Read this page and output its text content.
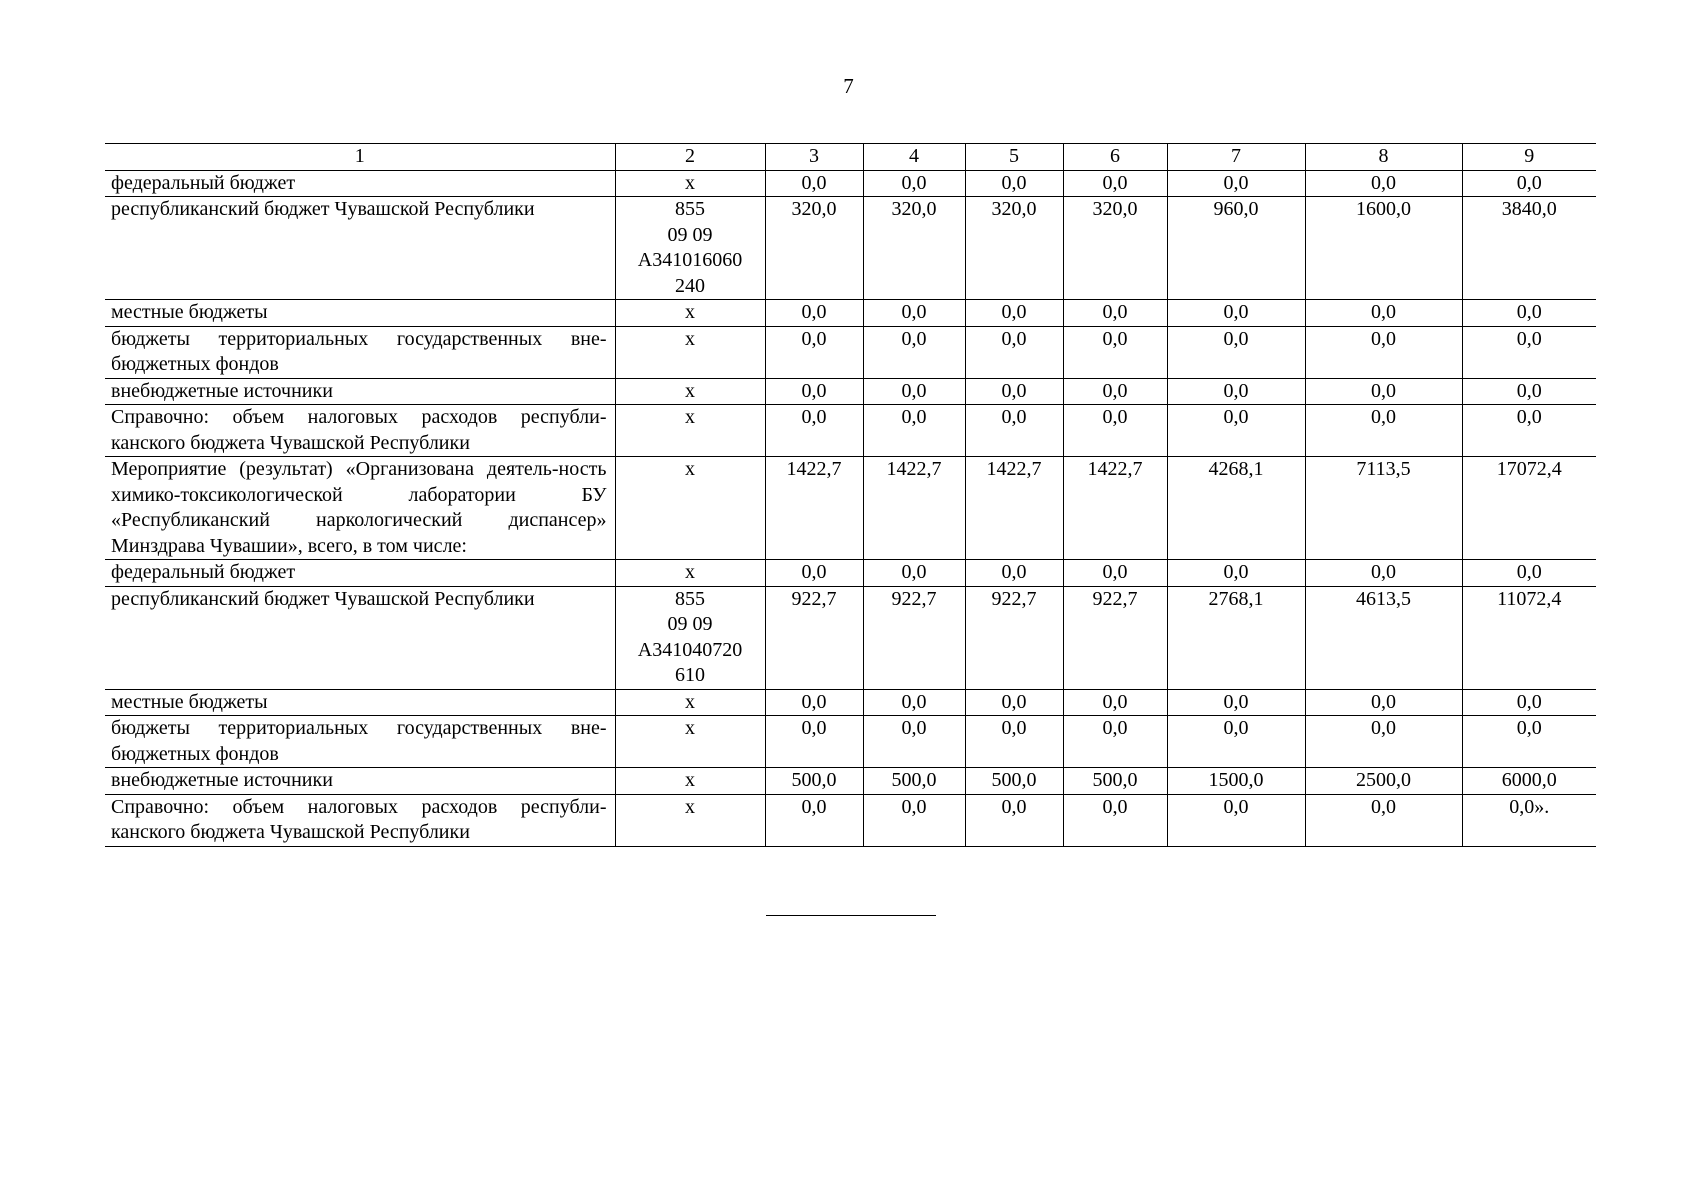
7
1	2	3	4	5	6	7	8	9
федеральный бюджет	х	0,0	0,0	0,0	0,0	0,0	0,0	0,0
республиканский бюджет Чувашской Республики	855
09 09
А341016060
240	320,0	320,0	320,0	320,0	960,0	1600,0	3840,0
местные бюджеты	х	0,0	0,0	0,0	0,0	0,0	0,0	0,0
бюджеты территориальных государственных вне-бюджетных фондов	х	0,0	0,0	0,0	0,0	0,0	0,0	0,0
внебюджетные источники	х	0,0	0,0	0,0	0,0	0,0	0,0	0,0
Справочно: объем налоговых расходов республи-канского бюджета Чувашской Республики	х	0,0	0,0	0,0	0,0	0,0	0,0	0,0
Мероприятие (результат) «Организована деятель-ность химико-токсикологической лаборатории БУ «Республиканский наркологический диспансер» Минздрава Чувашии», всего, в том числе:	х	1422,7	1422,7	1422,7	1422,7	4268,1	7113,5	17072,4
федеральный бюджет	х	0,0	0,0	0,0	0,0	0,0	0,0	0,0
республиканский бюджет Чувашской Республики	855
09 09
А341040720
610	922,7	922,7	922,7	922,7	2768,1	4613,5	11072,4
местные бюджеты	х	0,0	0,0	0,0	0,0	0,0	0,0	0,0
бюджеты территориальных государственных вне-бюджетных фондов	х	0,0	0,0	0,0	0,0	0,0	0,0	0,0
внебюджетные источники	х	500,0	500,0	500,0	500,0	1500,0	2500,0	6000,0
Справочно: объем налоговых расходов республи-канского бюджета Чувашской Республики	х	0,0	0,0	0,0	0,0	0,0	0,0	0,0».
